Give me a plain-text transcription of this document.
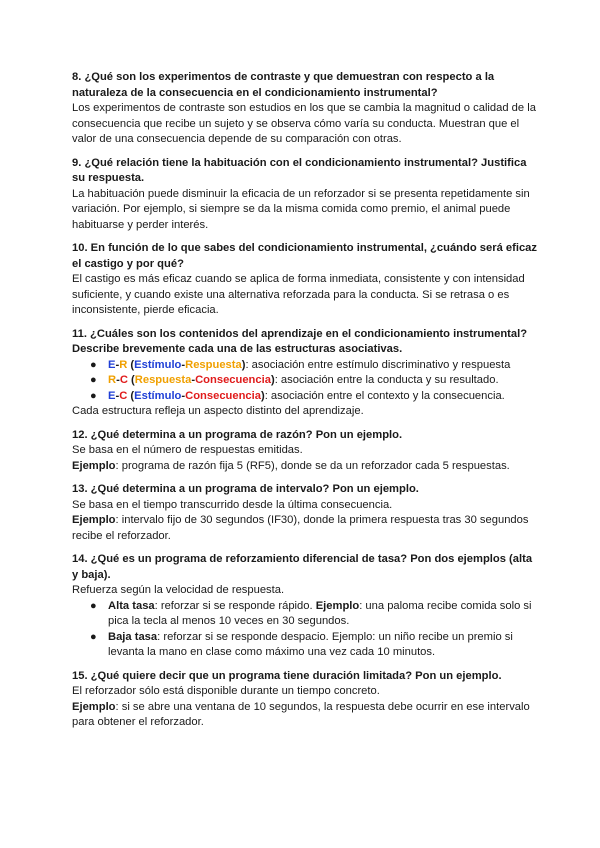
8. ¿Qué son los experimentos de contraste y que demuestran con respecto a la naturaleza de la consecuencia en el condicionamiento instrumental?

Los experimentos de contraste son estudios en los que se cambia la magnitud o calidad de la consecuencia que recibe un sujeto y se observa cómo varía su conducta. Muestran que el valor de una consecuencia depende de su comparación con otras.

9. ¿Qué relación tiene la habituación con el condicionamiento instrumental? Justifica su respuesta.

La habituación puede disminuir la eficacia de un reforzador si se presenta repetidamente sin variación. Por ejemplo, si siempre se da la misma comida como premio, el animal puede habituarse y perder interés.

10. En función de lo que sabes del condicionamiento instrumental, ¿cuándo será eficaz el castigo y por qué?

El castigo es más eficaz cuando se aplica de forma inmediata, consistente y con intensidad suficiente, y cuando existe una alternativa reforzada para la conducta. Si se retrasa o es inconsistente, pierde eficacia.

11. ¿Cuáles son los contenidos del aprendizaje en el condicionamiento instrumental? Describe brevemente cada una de las estructuras asociativas.

● E-R (Estímulo-Respuesta): asociación entre estímulo discriminativo y respuesta
● R-C (Respuesta-Consecuencia): asociación entre la conducta y su resultado.
● E-C (Estímulo-Consecuencia): asociación entre el contexto y la consecuencia.

Cada estructura refleja un aspecto distinto del aprendizaje.

12. ¿Qué determina a un programa de razón? Pon un ejemplo.

Se basa en el número de respuestas emitidas.

Ejemplo: programa de razón fija 5 (RF5), donde se da un reforzador cada 5 respuestas.

13. ¿Qué determina a un programa de intervalo? Pon un ejemplo.

Se basa en el tiempo transcurrido desde la última consecuencia.

Ejemplo: intervalo fijo de 30 segundos (IF30), donde la primera respuesta tras 30 segundos recibe el reforzador.

14. ¿Qué es un programa de reforzamiento diferencial de tasa? Pon dos ejemplos (alta y baja).

Refuerza según la velocidad de respuesta.

● Alta tasa: reforzar si se responde rápido. Ejemplo: una paloma recibe comida solo si pica la tecla al menos 10 veces en 30 segundos.
● Baja tasa: reforzar si se responde despacio. Ejemplo: un niño recibe un premio si levanta la mano en clase como máximo una vez cada 10 minutos.

15. ¿Qué quiere decir que un programa tiene duración limitada? Pon un ejemplo.

El reforzador sólo está disponible durante un tiempo concreto.

Ejemplo: si se abre una ventana de 10 segundos, la respuesta debe ocurrir en ese intervalo para obtener el reforzador.
